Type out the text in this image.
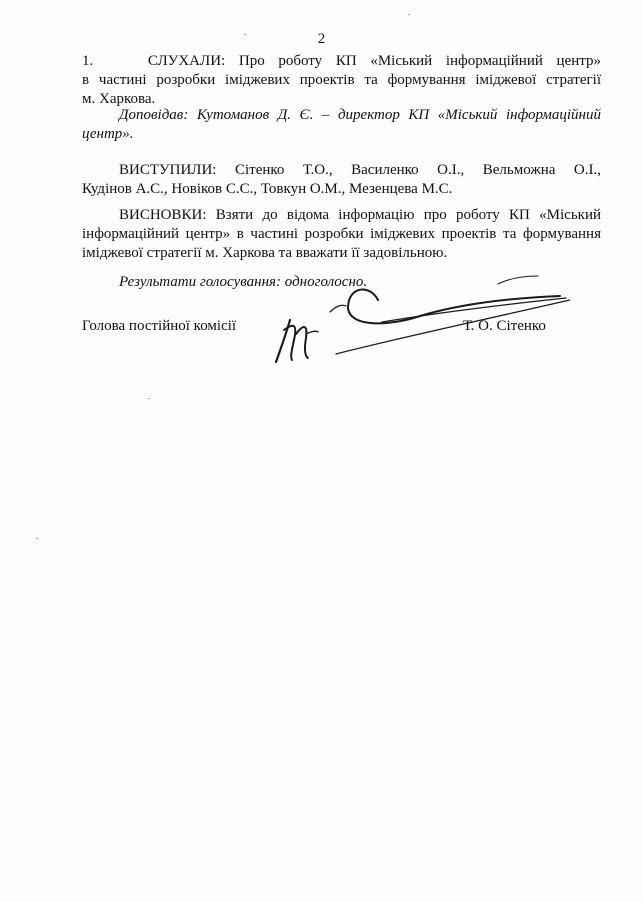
2
1.    СЛУХАЛИ: Про роботу КП «Міський інформаційний центр»
в частині розробки іміджевих проектів та формування іміджевої стратегії
м. Харкова.
Доповідав: Кутоманов Д. Є. – директор КП «Міський інформаційний
центр».
ВИСТУПИЛИ: Сітенко Т.О., Василенко О.І., Вельможна О.І.,
Кудінов А.С., Новіков С.С., Товкун О.М., Мезенцева М.С.
ВИСНОВКИ: Взяти до відома інформацію про роботу КП «Міський
інформаційний центр» в частині розробки іміджевих проектів та формування
іміджевої стратегії м. Харкова та вважати її задовільною.
Результати голосування: одноголосно.
Голова постійної комісії	Т. О. Сітенко
